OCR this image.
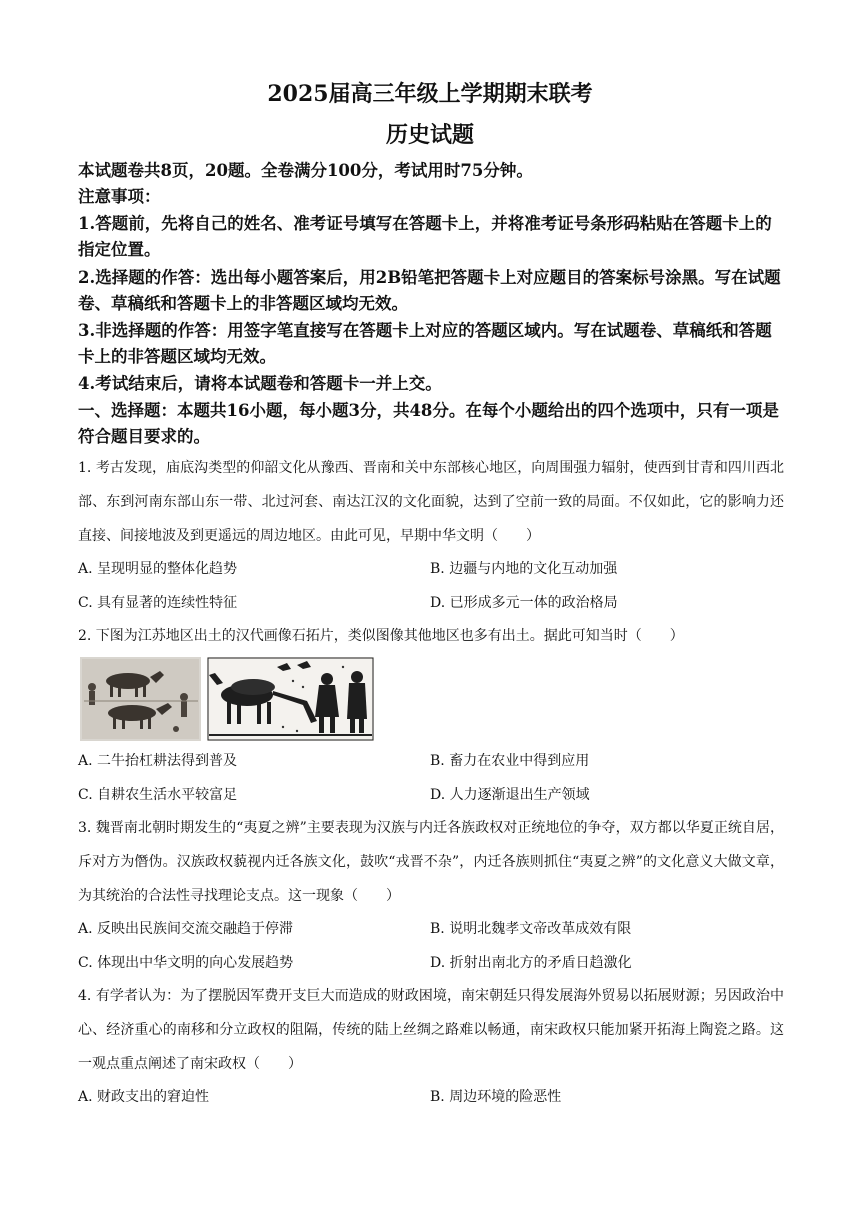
2025届高三年级上学期期末联考
历史试题
本试题卷共8页，20题。全卷满分100分，考试用时75分钟。
注意事项：
1.答题前，先将自己的姓名、准考证号填写在答题卡上，并将准考证号条形码粘贴在答题卡上的指定位置。
2.选择题的作答：选出每小题答案后，用2B铅笔把答题卡上对应题目的答案标号涂黑。写在试题卷、草稿纸和答题卡上的非答题区域均无效。
3.非选择题的作答：用签字笔直接写在答题卡上对应的答题区域内。写在试题卷、草稿纸和答题卡上的非答题区域均无效。
4.考试结束后，请将本试题卷和答题卡一并上交。
一、选择题：本题共16小题，每小题3分，共48分。在每个小题给出的四个选项中，只有一项是符合题目要求的。
1. 考古发现，庙底沟类型的仰韶文化从豫西、晋南和关中东部核心地区，向周围强力辐射，使西到甘青和四川西北部、东到河南东部山东一带、北过河套、南达江汉的文化面貌，达到了空前一致的局面。不仅如此，它的影响力还直接、间接地波及到更遥远的周边地区。由此可见，早期中华文明（　　）
A. 呈现明显的整体化趋势	B. 边疆与内地的文化互动加强
C. 具有显著的连续性特征	D. 已形成多元一体的政治格局
2. 下图为江苏地区出土的汉代画像石拓片，类似图像其他地区也多有出土。据此可知当时（　　）
A. 二牛抬杠耕法得到普及	B. 畜力在农业中得到应用
C. 自耕农生活水平较富足	D. 人力逐渐退出生产领域
3. 魏晋南北朝时期发生的“夷夏之辨”主要表现为汉族与内迁各族政权对正统地位的争夺，双方都以华夏正统自居，斥对方为僭伪。汉族政权藐视内迁各族文化，鼓吹“戎晋不杂”，内迁各族则抓住“夷夏之辨”的文化意义大做文章，为其统治的合法性寻找理论支点。这一现象（　　）
A. 反映出民族间交流交融趋于停滞	B. 说明北魏孝文帝改革成效有限
C. 体现出中华文明的向心发展趋势	D. 折射出南北方的矛盾日趋激化
4. 有学者认为：为了摆脱因军费开支巨大而造成的财政困境，南宋朝廷只得发展海外贸易以拓展财源；另因政治中心、经济重心的南移和分立政权的阻隔，传统的陆上丝绸之路难以畅通，南宋政权只能加紧开拓海上陶瓷之路。这一观点重点阐述了南宋政权（　　）
A. 财政支出的窘迫性	B. 周边环境的险恶性
